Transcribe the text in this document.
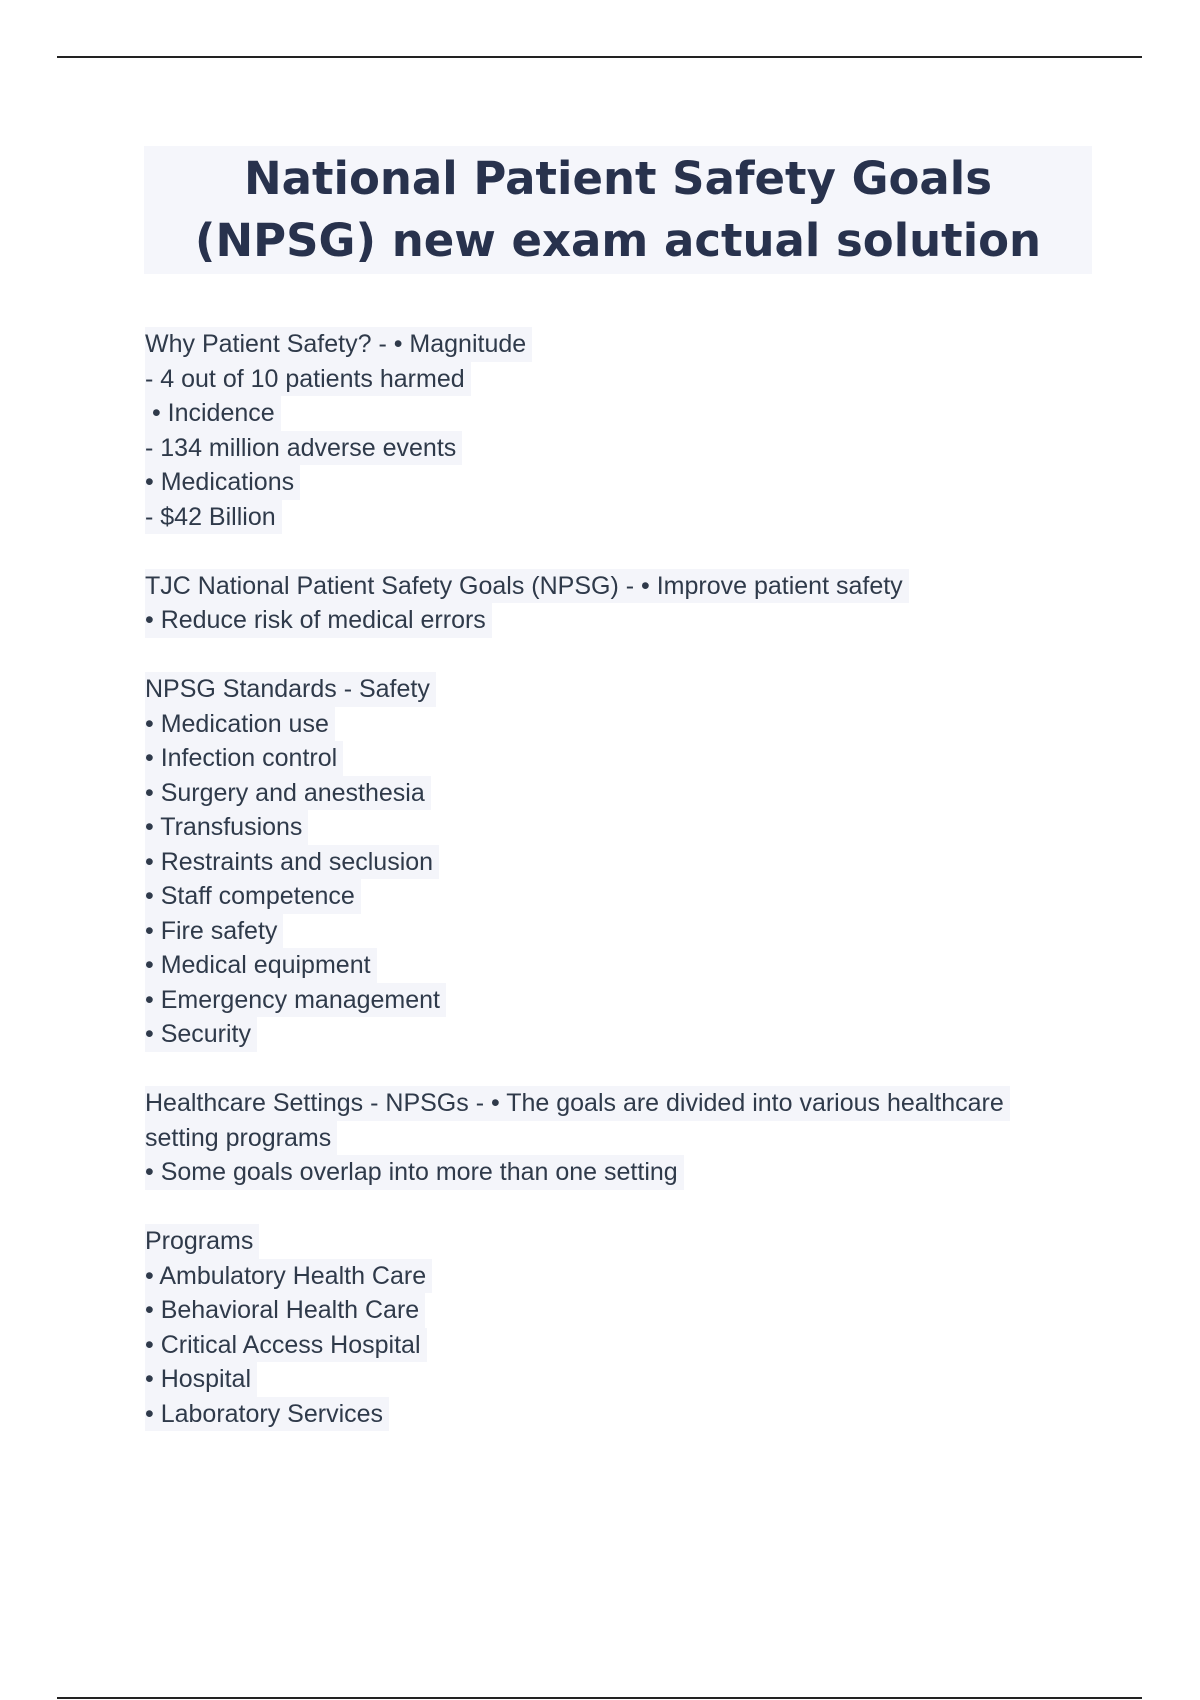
National Patient Safety Goals (NPSG) new exam actual solution
Why Patient Safety? - • Magnitude
- 4 out of 10 patients harmed
• Incidence
- 134 million adverse events
• Medications
- $42 Billion
TJC National Patient Safety Goals (NPSG) - • Improve patient safety
• Reduce risk of medical errors
NPSG Standards - Safety
• Medication use
• Infection control
• Surgery and anesthesia
• Transfusions
• Restraints and seclusion
• Staff competence
• Fire safety
• Medical equipment
• Emergency management
• Security
Healthcare Settings - NPSGs - • The goals are divided into various healthcare
setting programs
• Some goals overlap into more than one setting
Programs
• Ambulatory Health Care
• Behavioral Health Care
• Critical Access Hospital
• Hospital
• Laboratory Services
